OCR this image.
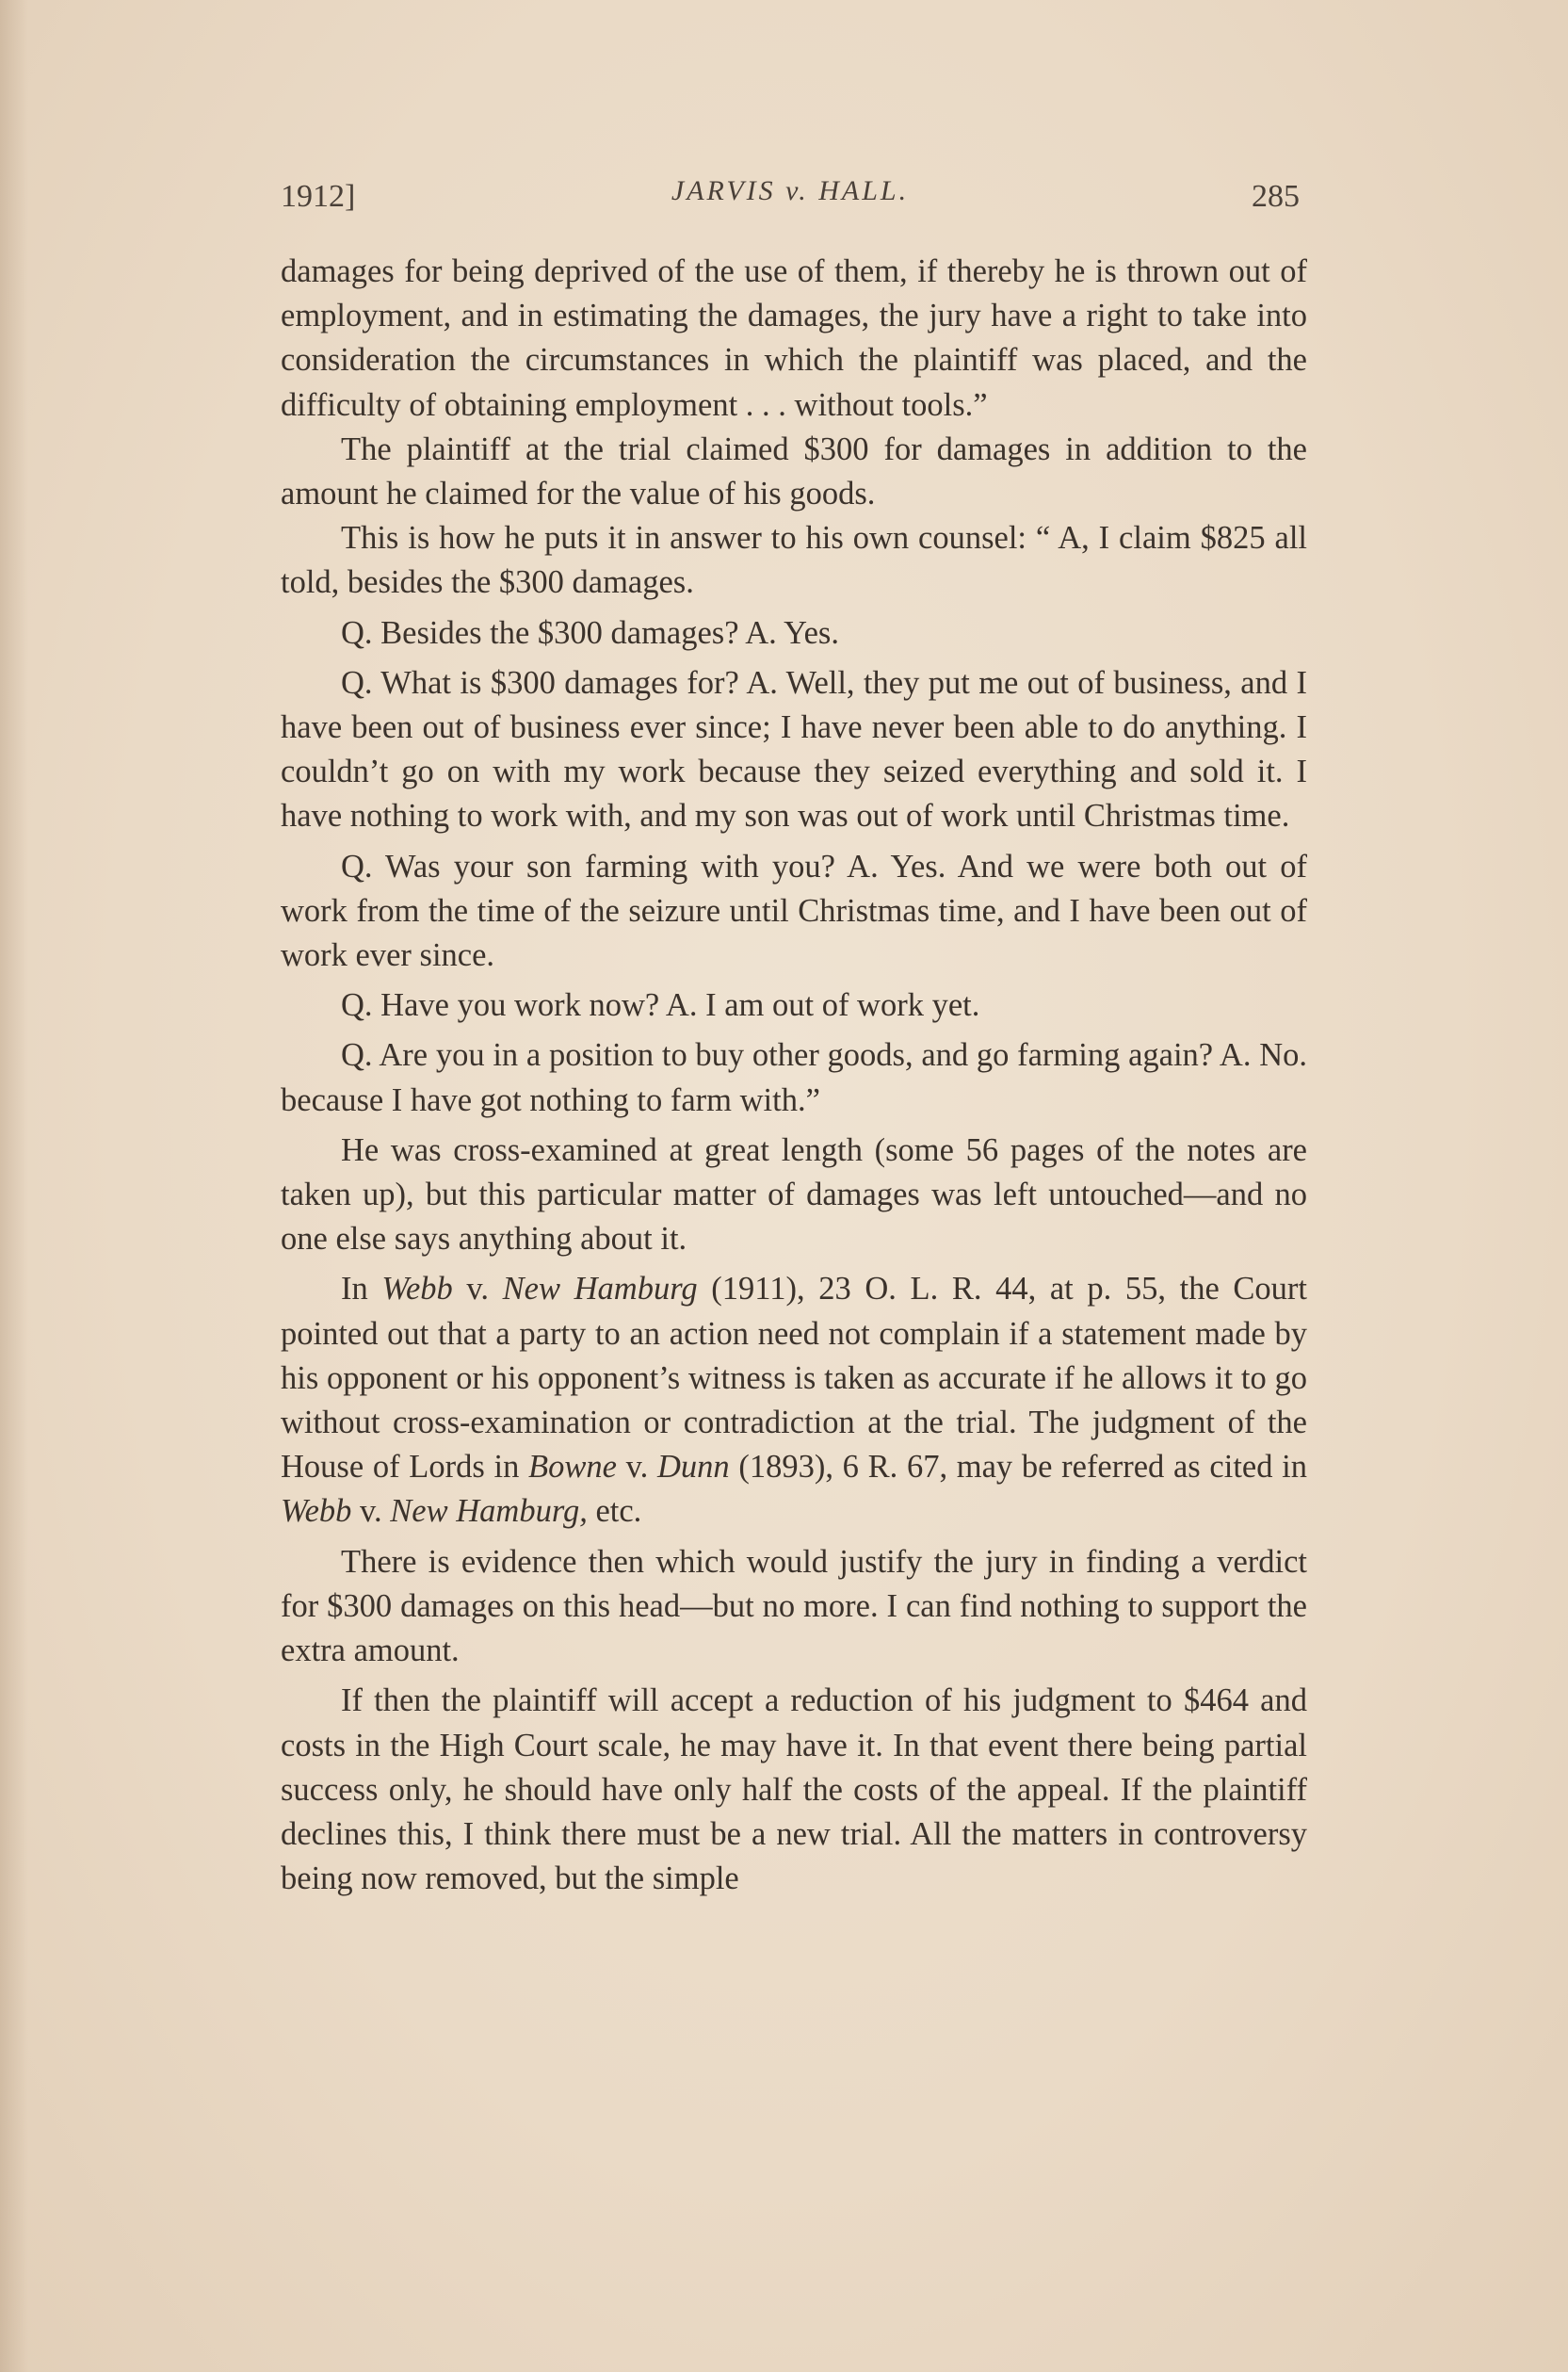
1912]	JARVIS v. HALL.	285

damages for being deprived of the use of them, if thereby he is thrown out of employment, and in estimating the damages, the jury have a right to take into consideration the circumstances in which the plaintiff was placed, and the difficulty of obtaining employment . . . without tools.”

The plaintiff at the trial claimed $300 for damages in addition to the amount he claimed for the value of his goods.

This is how he puts it in answer to his own counsel: “ A, I claim $825 all told, besides the $300 damages.

Q. Besides the $300 damages? A. Yes.

Q. What is $300 damages for? A. Well, they put me out of business, and I have been out of business ever since; I have never been able to do anything. I couldn’t go on with my work because they seized everything and sold it. I have nothing to work with, and my son was out of work until Christmas time.

Q. Was your son farming with you? A. Yes. And we were both out of work from the time of the seizure until Christmas time, and I have been out of work ever since.

Q. Have you work now? A. I am out of work yet.

Q. Are you in a position to buy other goods, and go farming again? A. No. because I have got nothing to farm with.”

He was cross-examined at great length (some 56 pages of the notes are taken up), but this particular matter of damages was left untouched—and no one else says anything about it.

In Webb v. New Hamburg (1911), 23 O. L. R. 44, at p. 55, the Court pointed out that a party to an action need not complain if a statement made by his opponent or his opponent’s witness is taken as accurate if he allows it to go without cross-examination or contradiction at the trial. The judgment of the House of Lords in Bowne v. Dunn (1893), 6 R. 67, may be referred as cited in Webb v. New Hamburg, etc.

There is evidence then which would justify the jury in finding a verdict for $300 damages on this head—but no more. I can find nothing to support the extra amount.

If then the plaintiff will accept a reduction of his judgment to $464 and costs in the High Court scale, he may have it. In that event there being partial success only, he should have only half the costs of the appeal. If the plaintiff declines this, I think there must be a new trial. All the matters in controversy being now removed, but the simple
